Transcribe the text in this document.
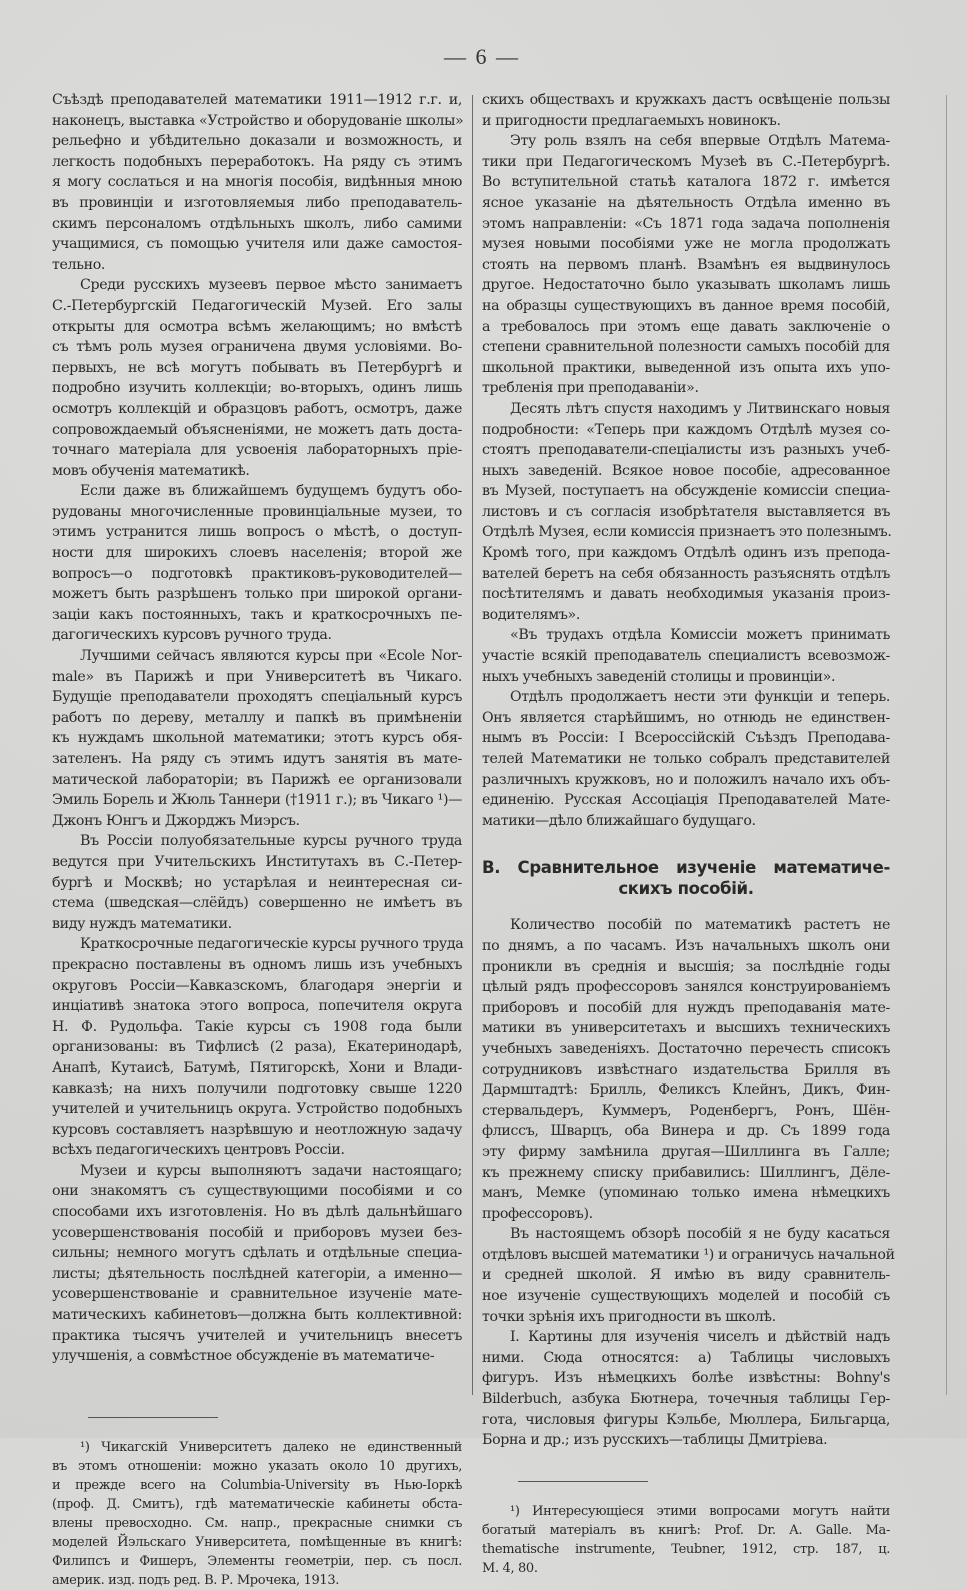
— 6 —
Съѣздѣ преподавателей математики 1911—1912 г.г. и,
наконецъ, выставка «Устройство и оборудованіе школы»
рельефно и убѣдительно доказали и возможность, и
легкость подобныхъ переработокъ. На ряду съ этимъ
я могу сослаться и на многія пособія, видѣнныя мною
въ провинціи и изготовляемыя либо преподаватель-
скимъ персоналомъ отдѣльныхъ школъ, либо самими
учащимися, съ помощью учителя или даже самостоя-
тельно.
Среди русскихъ музеевъ первое мѣсто занимаетъ
С.-Петербургскій Педагогическій Музей. Его залы
открыты для осмотра всѣмъ желающимъ; но вмѣстѣ
съ тѣмъ роль музея ограничена двумя условіями. Во-
первыхъ, не всѣ могутъ побывать въ Петербургѣ и
подробно изучить коллекціи; во-вторыхъ, одинъ лишь
осмотръ коллекцій и образцовъ работъ, осмотръ, даже
сопровождаемый объясненіями, не можетъ дать доста-
точнаго матеріала для усвоенія лабораторныхъ пріе-
мовъ обученія математикѣ.
Если даже въ ближайшемъ будущемъ будутъ обо-
рудованы многочисленные провинціальные музеи, то
этимъ устранится лишь вопросъ о мѣстѣ, о доступ-
ности для широкихъ слоевъ населенія; второй же
вопросъ—о подготовкѣ практиковъ-руководителей—
можетъ быть разрѣшенъ только при широкой органи-
заціи какъ постоянныхъ, такъ и краткосрочныхъ пе-
дагогическихъ курсовъ ручного труда.
Лучшими сейчасъ являются курсы при «Ecole Nor-
male» въ Парижѣ и при Университетѣ въ Чикаго.
Будущіе преподаватели проходятъ спеціальный курсъ
работъ по дереву, металлу и папкѣ въ примѣненіи
къ нуждамъ школьной математики; этотъ курсъ обя-
зателенъ. На ряду съ этимъ идутъ занятія въ мате-
матической лабораторіи; въ Парижѣ ее организовали
Эмиль Борель и Жюль Таннери (†1911 г.); въ Чикаго ¹)—
Джонъ Юнгъ и Джорджъ Миэрсъ.
Въ Россіи полуобязательные курсы ручного труда
ведутся при Учительскихъ Институтахъ въ С.-Петер-
бургѣ и Москвѣ; но устарѣлая и неинтересная си-
стема (шведская—слёйдъ) совершенно не имѣетъ въ
виду нуждъ математики.
Краткосрочные педагогическіе курсы ручного труда
прекрасно поставлены въ одномъ лишь изъ учебныхъ
округовъ Россіи—Кавказскомъ, благодаря энергіи и
инціативѣ знатока этого вопроса, попечителя округа
Н. Ф. Рудольфа. Такіе курсы съ 1908 года были
организованы: въ Тифлисѣ (2 раза), Екатеринодарѣ,
Анапѣ, Кутаисѣ, Батумѣ, Пятигорскѣ, Хони и Влади-
кавказѣ; на нихъ получили подготовку свыше 1220
учителей и учительницъ округа. Устройство подобныхъ
курсовъ составляетъ назрѣвшую и неотложную задачу
всѣхъ педагогическихъ центровъ Россіи.
Музеи и курсы выполняютъ задачи настоящаго;
они знакомятъ съ существующими пособіями и со
способами ихъ изготовленія. Но въ дѣлѣ дальнѣйшаго
усовершенствованія пособій и приборовъ музеи без-
сильны; немного могутъ сдѣлать и отдѣльные специа-
листы; дѣятельность послѣдней категоріи, а именно—
усовершенствованіе и сравнительное изученіе мате-
матическихъ кабинетовъ—должна быть коллективной:
практика тысячъ учителей и учительницъ внесетъ
улучшенія, а совмѣстное обсужденіе въ математиче-
¹) Чикагскій Университетъ далеко не единственный
въ этомъ отношеніи: можно указать около 10 другихъ,
и прежде всего на Columbia-University въ Нью-Іоркѣ
(проф. Д. Смитъ), гдѣ математическіе кабинеты обста-
влены превосходно. См. напр., прекрасные снимки съ
моделей Йэльскаго Университета, помѣщенные въ книгѣ:
Филипсъ и Фишеръ, Элементы геометріи, пер. съ посл.
америк. изд. подъ ред. В. Р. Мрочека, 1913.
скихъ обществахъ и кружкахъ дастъ освѣщеніе пользы
и пригодности предлагаемыхъ новинокъ.
Эту роль взялъ на себя впервые Отдѣлъ Матема-
тики при Педагогическомъ Музеѣ въ С.-Петербургѣ.
Во вступительной статьѣ каталога 1872 г. имѣется
ясное указаніе на дѣятельность Отдѣла именно въ
этомъ направленіи: «Съ 1871 года задача пополненія
музея новыми пособіями уже не могла продолжать
стоять на первомъ планѣ. Взамѣнъ ея выдвинулось
другое. Недостаточно было указывать школамъ лишь
на образцы существующихъ въ данное время пособій,
а требовалось при этомъ еще давать заключеніе о
степени сравнительной полезности самыхъ пособій для
школьной практики, выведенной изъ опыта ихъ упо-
требленія при преподаваніи».
Десять лѣтъ спустя находимъ у Литвинскаго новыя
подробности: «Теперь при каждомъ Отдѣлѣ музея со-
стоятъ преподаватели-спеціалисты изъ разныхъ учеб-
ныхъ заведеній. Всякое новое пособіе, адресованное
въ Музей, поступаетъ на обсужденіе комиссіи специа-
листовъ и съ согласія изобрѣтателя выставляется въ
Отдѣлѣ Музея, если комиссія признаетъ это полезнымъ.
Кромѣ того, при каждомъ Отдѣлѣ одинъ изъ препода-
вателей беретъ на себя обязанность разъяснять отдѣлъ
посѣтителямъ и давать необходимыя указанія произ-
водителямъ».
«Въ трудахъ отдѣла Комиссіи можетъ принимать
участіе всякій преподаватель специалистъ всевозмож-
ныхъ учебныхъ заведеній столицы и провинціи».
Отдѣлъ продолжаетъ нести эти функціи и теперь.
Онъ является старѣйшимъ, но отнюдь не единствен-
нымъ въ Россіи: I Всероссійскій Съѣздъ Преподава-
телей Математики не только собралъ представителей
различныхъ кружковъ, но и положилъ начало ихъ объ-
единенію. Русская Ассоціація Преподавателей Мате-
матики—дѣло ближайшаго будущаго.
В. Сравнительное изученіе математиче-
скихъ пособій.
Количество пособій по математикѣ растетъ не
по днямъ, а по часамъ. Изъ начальныхъ школъ они
проникли въ среднія и высшія; за послѣдніе годы
цѣлый рядъ профессоровъ занялся конструированіемъ
приборовъ и пособій для нуждъ преподаванія мате-
матики въ университетахъ и высшихъ техническихъ
учебныхъ заведеніяхъ. Достаточно перечесть списокъ
сотрудниковъ извѣстнаго издательства Брилля въ
Дармштадтѣ: Брилль, Феликсъ Клейнъ, Дикъ, Фин-
стервальдеръ, Куммеръ, Роденбергъ, Ронъ, Шён-
флиссъ, Шварцъ, оба Винера и др. Съ 1899 года
эту фирму замѣнила другая—Шиллинга въ Галле;
къ прежнему списку прибавились: Шиллингъ, Дёле-
манъ, Мемке (упоминаю только имена нѣмецкихъ
профессоровъ).
Въ настоящемъ обзорѣ пособій я не буду касаться
отдѣловъ высшей математики ¹) и ограничусь начальной
и средней школой. Я имѣю въ виду сравнитель-
ное изученіе существующихъ моделей и пособій съ
точки зрѣнія ихъ пригодности въ школѣ.
I. Картины для изученія чиселъ и дѣйствій надъ
ними. Сюда относятся: а) Таблицы числовыхъ
фигуръ. Изъ нѣмецкихъ болѣе извѣстны: Bohny's
Bilderbuch, азбука Бютнера, точечныя таблицы Гер-
гота, числовыя фигуры Кэльбе, Мюллера, Бильгарца,
Борна и др.; изъ русскихъ—таблицы Дмитріева.
¹) Интересующіеся этими вопросами могутъ найти
богатый матеріалъ въ книгѣ: Prof. Dr. A. Galle. Ma-
thematische instrumente, Teubner, 1912, стр. 187, ц.
М. 4, 80.
